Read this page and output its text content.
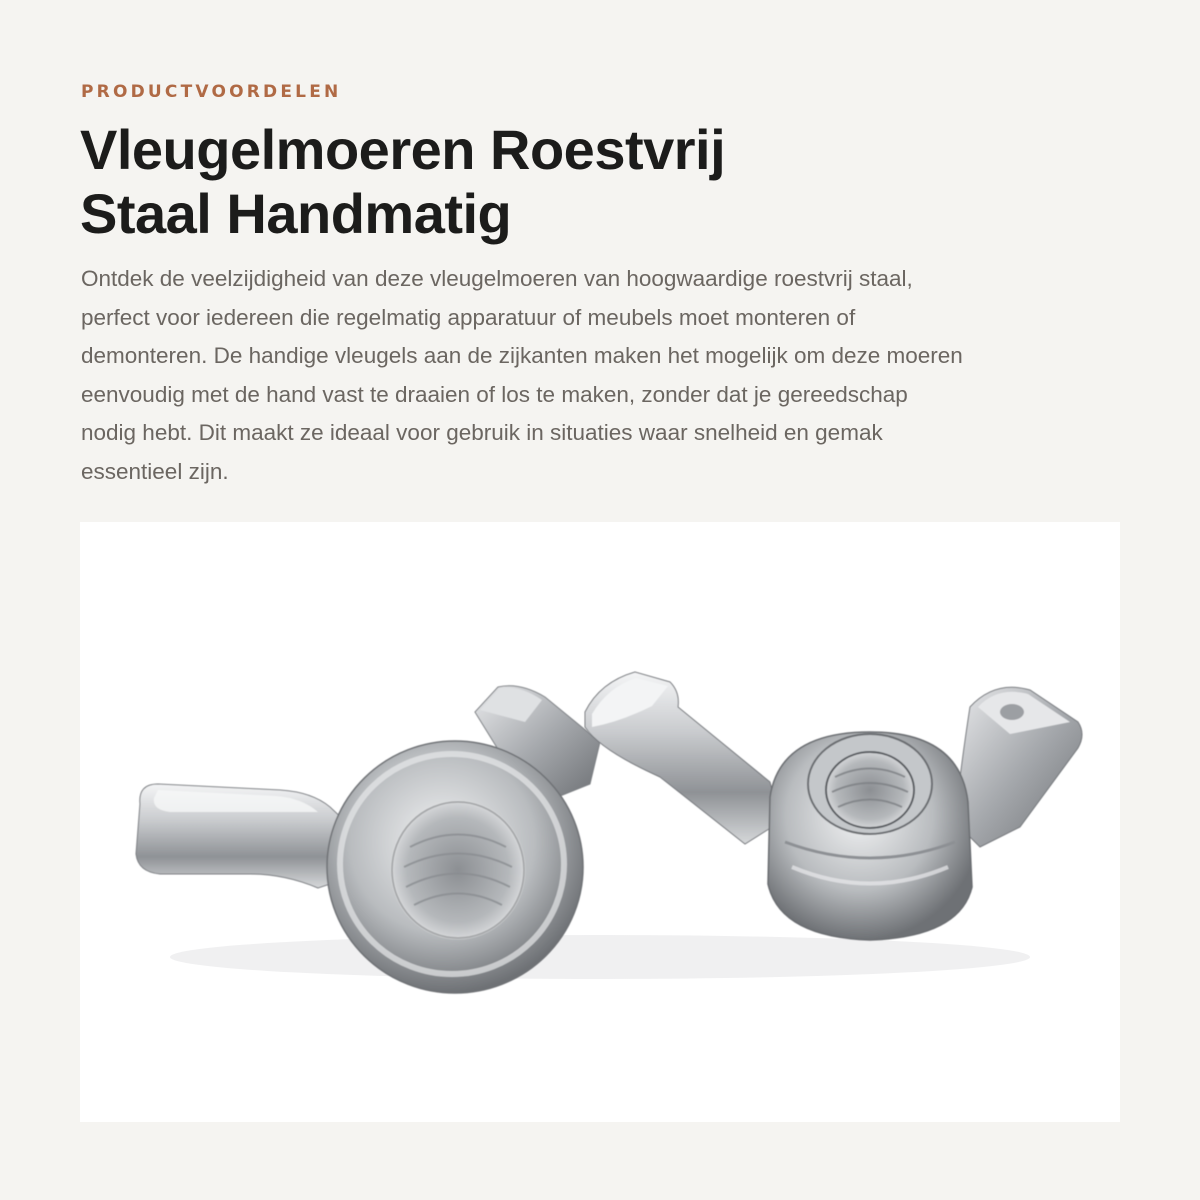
PRODUCTVOORDELEN

Vleugelmoeren Roestvrij
Staal Handmatig

Ontdek de veelzijdigheid van deze vleugelmoeren van hoogwaardige roestvrij staal,
perfect voor iedereen die regelmatig apparatuur of meubels moet monteren of
demonteren. De handige vleugels aan de zijkanten maken het mogelijk om deze moeren
eenvoudig met de hand vast te draaien of los te maken, zonder dat je gereedschap
nodig hebt. Dit maakt ze ideaal voor gebruik in situaties waar snelheid en gemak
essentieel zijn.
